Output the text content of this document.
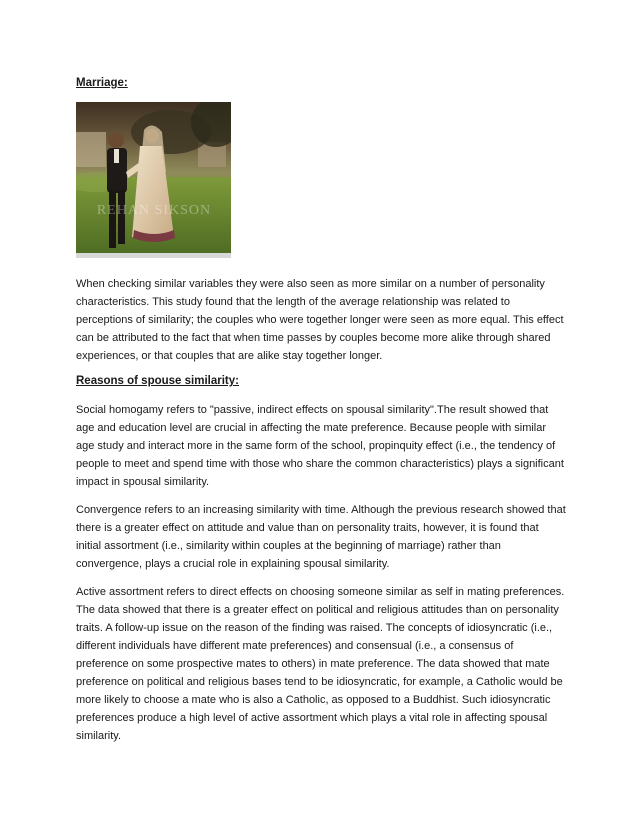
Marriage:

REHAN SIKSON

When checking similar variables they were also seen as more similar on a number of personality characteristics. This study found that the length of the average relationship was related to perceptions of similarity; the couples who were together longer were seen as more equal. This effect can be attributed to the fact that when time passes by couples become more alike through shared experiences, or that couples that are alike stay together longer.

Reasons of spouse similarity:

Social homogamy refers to "passive, indirect effects on spousal similarity".The result showed that age and education level are crucial in affecting the mate preference. Because people with similar age study and interact more in the same form of the school, propinquity effect (i.e., the tendency of people to meet and spend time with those who share the common characteristics) plays a significant impact in spousal similarity.

Convergence refers to an increasing similarity with time. Although the previous research showed that there is a greater effect on attitude and value than on personality traits, however, it is found that initial assortment (i.e., similarity within couples at the beginning of marriage) rather than convergence, plays a crucial role in explaining spousal similarity.

Active assortment refers to direct effects on choosing someone similar as self in mating preferences. The data showed that there is a greater effect on political and religious attitudes than on personality traits. A follow-up issue on the reason of the finding was raised. The concepts of idiosyncratic (i.e., different individuals have different mate preferences) and consensual (i.e., a consensus of preference on some prospective mates to others) in mate preference. The data showed that mate preference on political and religious bases tend to be idiosyncratic, for example, a Catholic would be more likely to choose a mate who is also a Catholic, as opposed to a Buddhist. Such idiosyncratic preferences produce a high level of active assortment which plays a vital role in affecting spousal similarity.
